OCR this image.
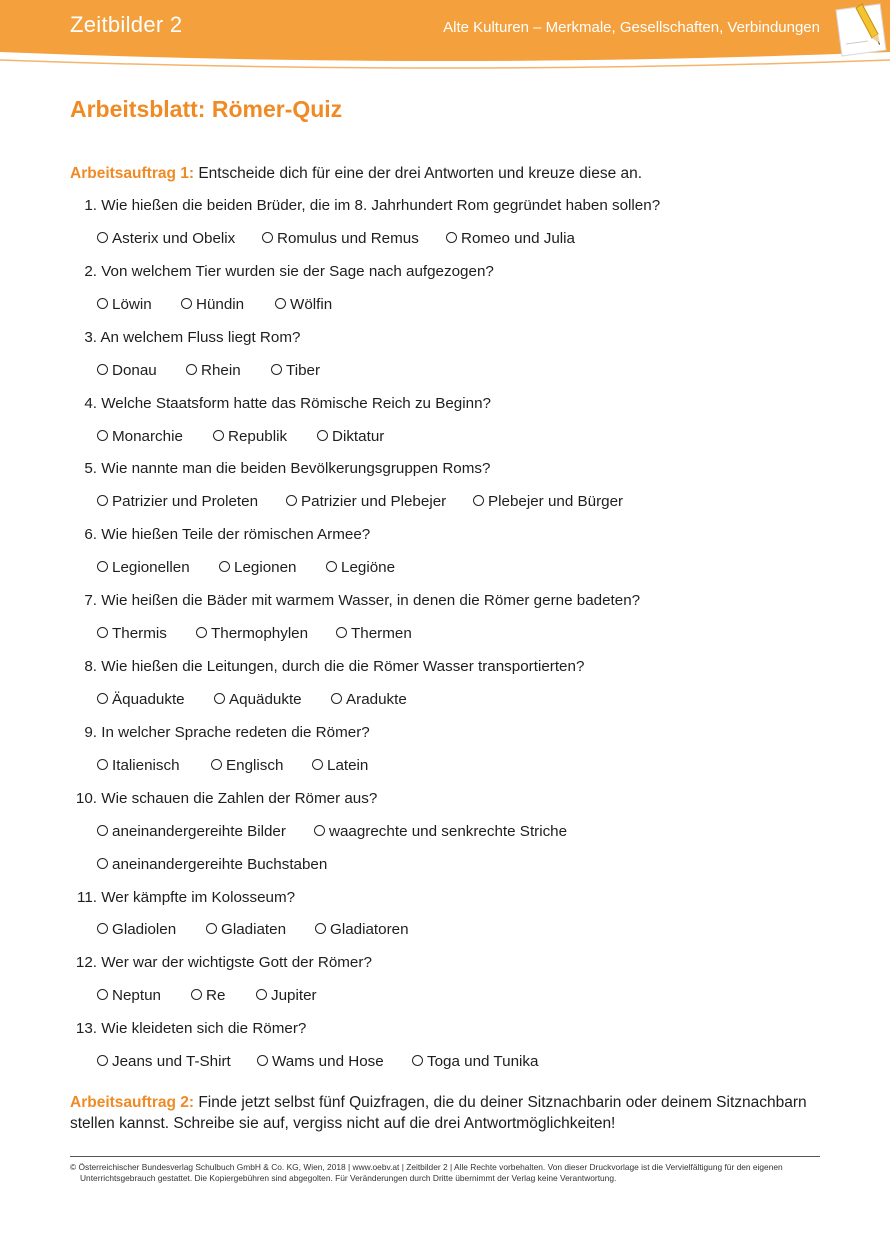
Zeitbilder 2	Alte Kulturen – Merkmale, Gesellschaften, Verbindungen
Arbeitsblatt: Römer-Quiz
Arbeitsauftrag 1: Entscheide dich für eine der drei Antworten und kreuze diese an.
1. Wie hießen die beiden Brüder, die im 8. Jahrhundert Rom gegründet haben sollen?
Asterix und Obelix	Romulus und Remus	Romeo und Julia
2. Von welchem Tier wurden sie der Sage nach aufgezogen?
Löwin	Hündin	Wölfin
3. An welchem Fluss liegt Rom?
Donau	Rhein	Tiber
4. Welche Staatsform hatte das Römische Reich zu Beginn?
Monarchie	Republik	Diktatur
5. Wie nannte man die beiden Bevölkerungsgruppen Roms?
Patrizier und Proleten	Patrizier und Plebejer	Plebejer und Bürger
6. Wie hießen Teile der römischen Armee?
Legionellen	Legionen	Legiöne
7. Wie heißen die Bäder mit warmem Wasser, in denen die Römer gerne badeten?
Thermis	Thermophylen	Thermen
8. Wie hießen die Leitungen, durch die die Römer Wasser transportierten?
Äquadukte	Aquädukte	Aradukte
9. In welcher Sprache redeten die Römer?
Italienisch	Englisch	Latein
10. Wie schauen die Zahlen der Römer aus?
aneinandergereihte Bilder	waagrechte und senkrechte Striche
aneinandergereihte Buchstaben
11. Wer kämpfte im Kolosseum?
Gladiolen	Gladiaten	Gladiatoren
12. Wer war der wichtigste Gott der Römer?
Neptun	Re	Jupiter
13. Wie kleideten sich die Römer?
Jeans und T-Shirt	Wams und Hose	Toga und Tunika
Arbeitsauftrag 2: Finde jetzt selbst fünf Quizfragen, die du deiner Sitznachbarin oder deinem Sitznachbarn stellen kannst. Schreibe sie auf, vergiss nicht auf die drei Antwortmöglichkeiten!
© Österreichischer Bundesverlag Schulbuch GmbH & Co. KG, Wien, 2018 | www.oebv.at | Zeitbilder 2 | Alle Rechte vorbehalten. Von dieser Druckvorlage ist die Vervielfältigung für den eigenen
Unterrichtsgebrauch gestattet. Die Kopiergebühren sind abgegolten. Für Veränderungen durch Dritte übernimmt der Verlag keine Verantwortung.
